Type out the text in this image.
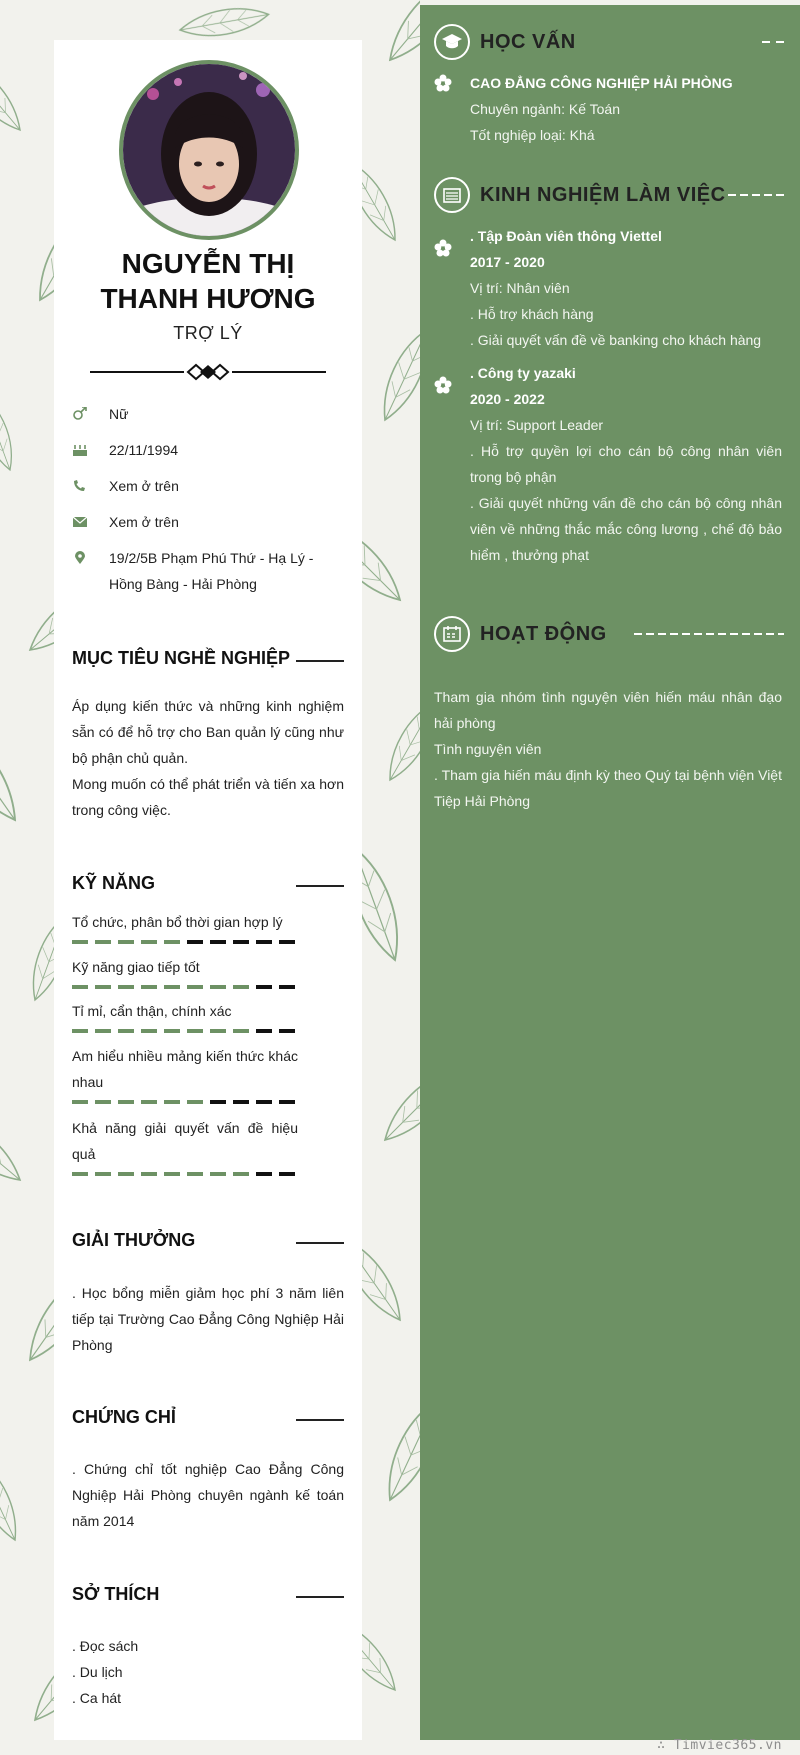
NGUYỄN THỊ
THANH HƯƠNG
TRỢ LÝ
Nữ
22/11/1994
Xem ở trên
Xem ở trên
19/2/5B Phạm Phú Thứ - Hạ Lý - Hồng Bàng - Hải Phòng
MỤC TIÊU NGHỀ NGHIỆP
Áp dụng kiến thức và những kinh nghiệm sẵn có để hỗ trợ cho Ban quản lý cũng như bộ phận chủ quản.
Mong muốn có thể phát triển và tiến xa hơn trong công việc.
KỸ NĂNG
Tổ chức, phân bổ thời gian hợp lý
Kỹ năng giao tiếp tốt
Tỉ mỉ, cẩn thận, chính xác
Am hiểu nhiều mảng kiến thức khác nhau
Khả năng giải quyết vấn đề hiệu quả
GIẢI THƯỞNG
. Học bổng miễn giảm học phí 3 năm liên tiếp tại Trường Cao Đẳng Công Nghiệp Hải Phòng
CHỨNG CHỈ
. Chứng chỉ tốt nghiệp Cao Đẳng Công Nghiệp Hải Phòng chuyên ngành kế toán năm 2014
SỞ THÍCH
. Đọc sách
. Du lịch
. Ca hát
HỌC VẤN
CAO ĐẲNG CÔNG NGHIỆP HẢI PHÒNG
Chuyên ngành: Kế Toán
Tốt nghiệp loại: Khá
KINH NGHIỆM LÀM VIỆC
. Tập Đoàn viên thông Viettel
2017 - 2020
Vị trí: Nhân viên
. Hỗ trợ khách hàng
. Giải quyết vấn đề về banking cho khách hàng
. Công ty yazaki
2020 - 2022
Vị trí: Support Leader
. Hỗ trợ quyền lợi cho cán bộ công nhân viên trong bộ phận
. Giải quyết những vấn đề cho cán bộ công nhân viên về những thắc mắc công lương , chế độ bảo hiểm , thưởng phạt
HOẠT ĐỘNG
Tham gia nhóm tình nguyện viên hiến máu nhân đạo hải phòng
Tình nguyện viên
. Tham gia hiến máu định kỳ theo Quý tại bệnh viện Việt Tiệp Hải Phòng
∴ Timviec365.vn
